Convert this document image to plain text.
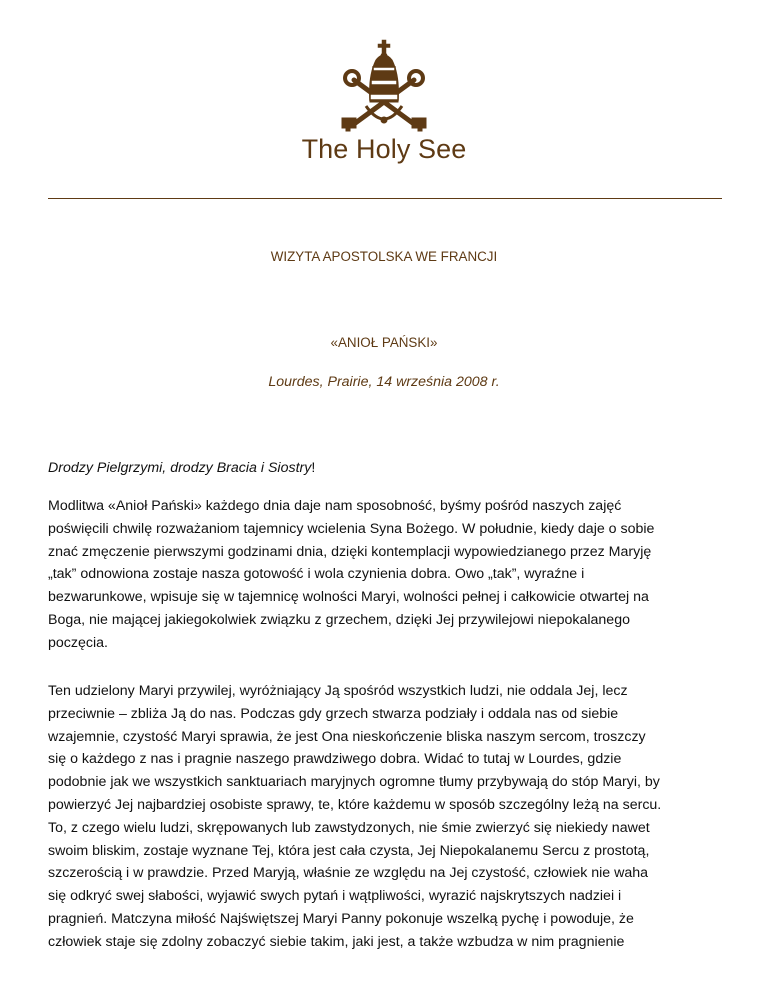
The Holy See
WIZYTA APOSTOLSKA WE FRANCJI
«ANIOŁ PAŃSKI»
Lourdes, Prairie, 14 września 2008 r.
Drodzy Pielgrzymi, drodzy Bracia i Siostry!
Modlitwa «Anioł Pański» każdego dnia daje nam sposobność, byśmy pośród naszych zajęć
poświęcili chwilę rozważaniom tajemnicy wcielenia Syna Bożego. W południe, kiedy daje o sobie
znać zmęczenie pierwszymi godzinami dnia, dzięki kontemplacji wypowiedzianego przez Maryję
„tak” odnowiona zostaje nasza gotowość i wola czynienia dobra. Owo „tak”, wyraźne i
bezwarunkowe, wpisuje się w tajemnicę wolności Maryi, wolności pełnej i całkowicie otwartej na
Boga, nie mającej jakiegokolwiek związku z grzechem, dzięki Jej przywilejowi niepokalanego
poczęcia.
Ten udzielony Maryi przywilej, wyróżniający Ją spośród wszystkich ludzi, nie oddala Jej, lecz
przeciwnie – zbliża Ją do nas. Podczas gdy grzech stwarza podziały i oddala nas od siebie
wzajemnie, czystość Maryi sprawia, że jest Ona nieskończenie bliska naszym sercom, troszczy
się o każdego z nas i pragnie naszego prawdziwego dobra. Widać to tutaj w Lourdes, gdzie
podobnie jak we wszystkich sanktuariach maryjnych ogromne tłumy przybywają do stóp Maryi, by
powierzyć Jej najbardziej osobiste sprawy, te, które każdemu w sposób szczególny leżą na sercu.
To, z czego wielu ludzi, skrępowanych lub zawstydzonych, nie śmie zwierzyć się niekiedy nawet
swoim bliskim, zostaje wyznane Tej, która jest cała czysta, Jej Niepokalanemu Sercu z prostotą,
szczerością i w prawdzie. Przed Maryją, właśnie ze względu na Jej czystość, człowiek nie waha
się odkryć swej słabości, wyjawić swych pytań i wątpliwości, wyrazić najskrytszych nadziei i
pragnień. Matczyna miłość Najświętszej Maryi Panny pokonuje wszelką pychę i powoduje, że
człowiek staje się zdolny zobaczyć siebie takim, jaki jest, a także wzbudza w nim pragnienie
